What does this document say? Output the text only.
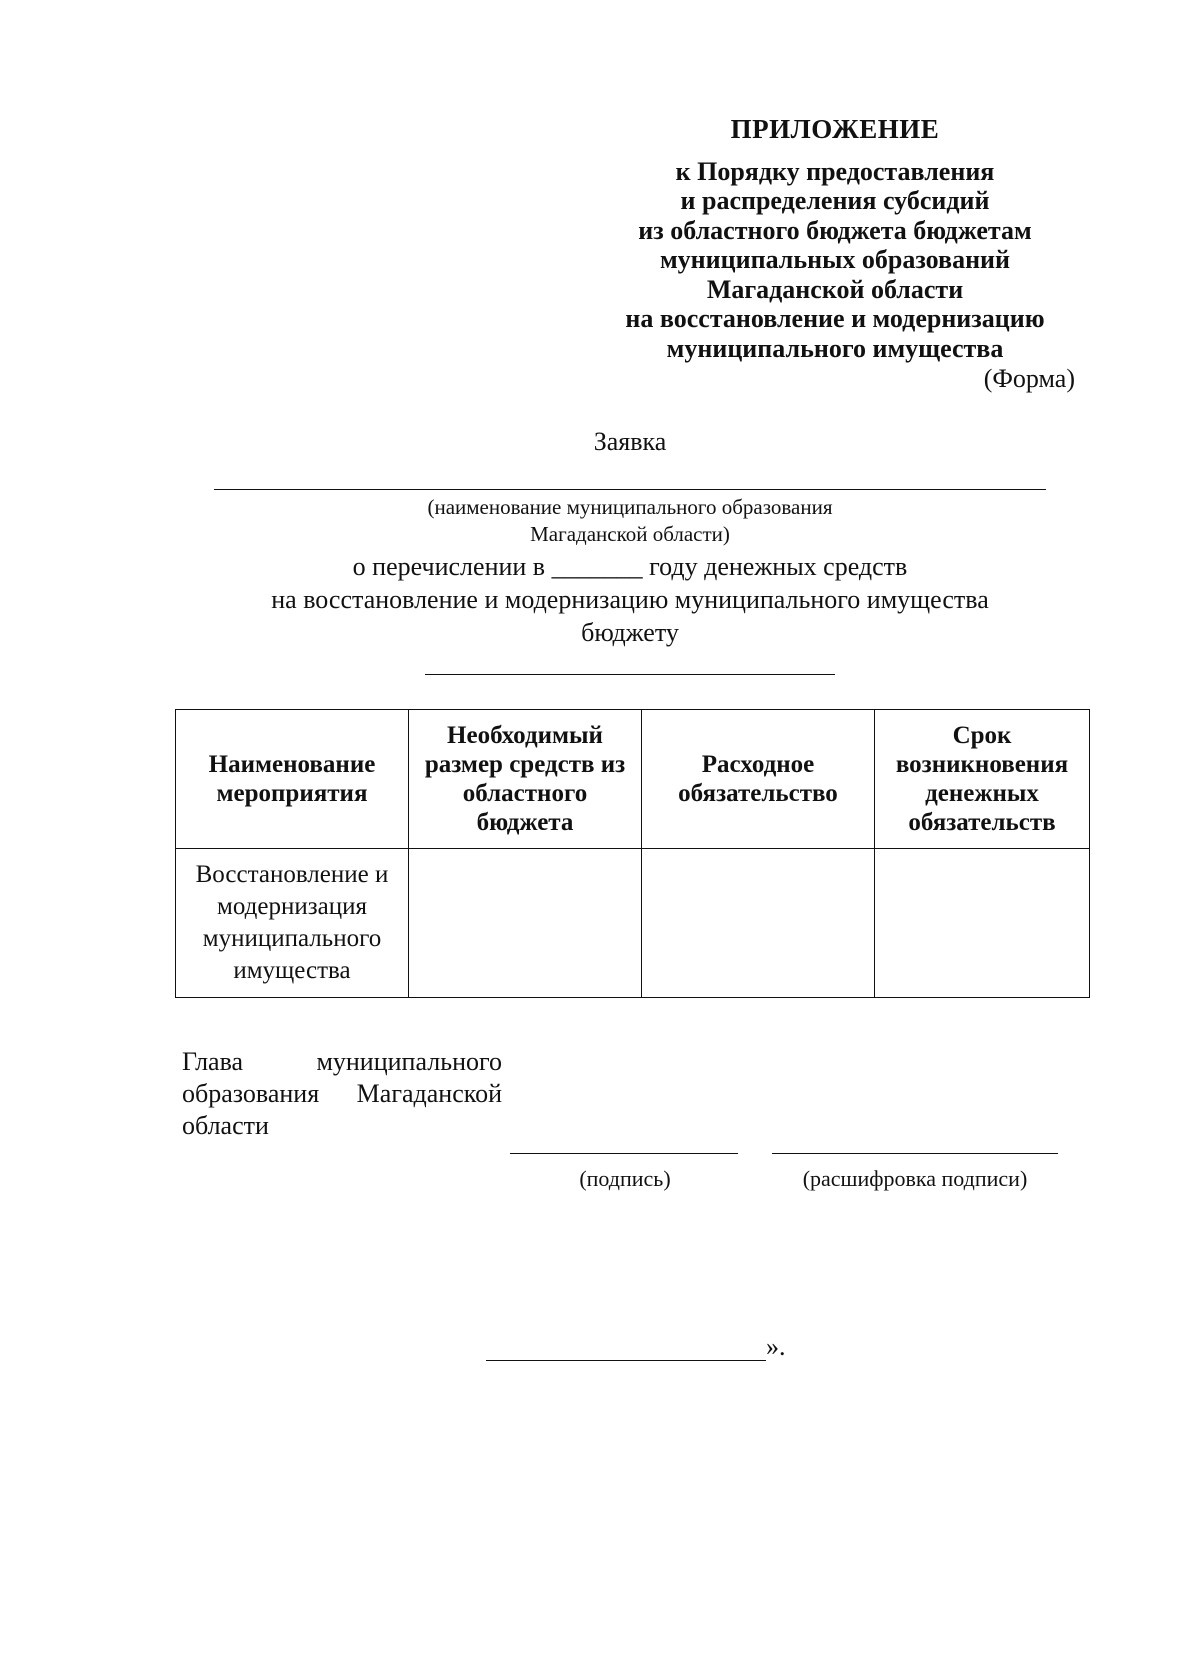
ПРИЛОЖЕНИЕ
к Порядку предоставления
и распределения субсидий
из областного бюджета бюджетам
муниципальных образований
Магаданской области
на восстановление и модернизацию
муниципального имущества
(Форма)
Заявка
(наименование муниципального образования
Магаданской области)
о перечислении в _______ году денежных средств
на восстановление и модернизацию муниципального имущества
бюджету
Наименование мероприятия	Необходимый размер средств из областного бюджета	Расходное обязательство	Срок возникновения денежных обязательств
Восстановление и модернизация муниципального имущества			
Глава муниципального образования Магаданской области
(подпись)	(расшифровка подписи)
».
